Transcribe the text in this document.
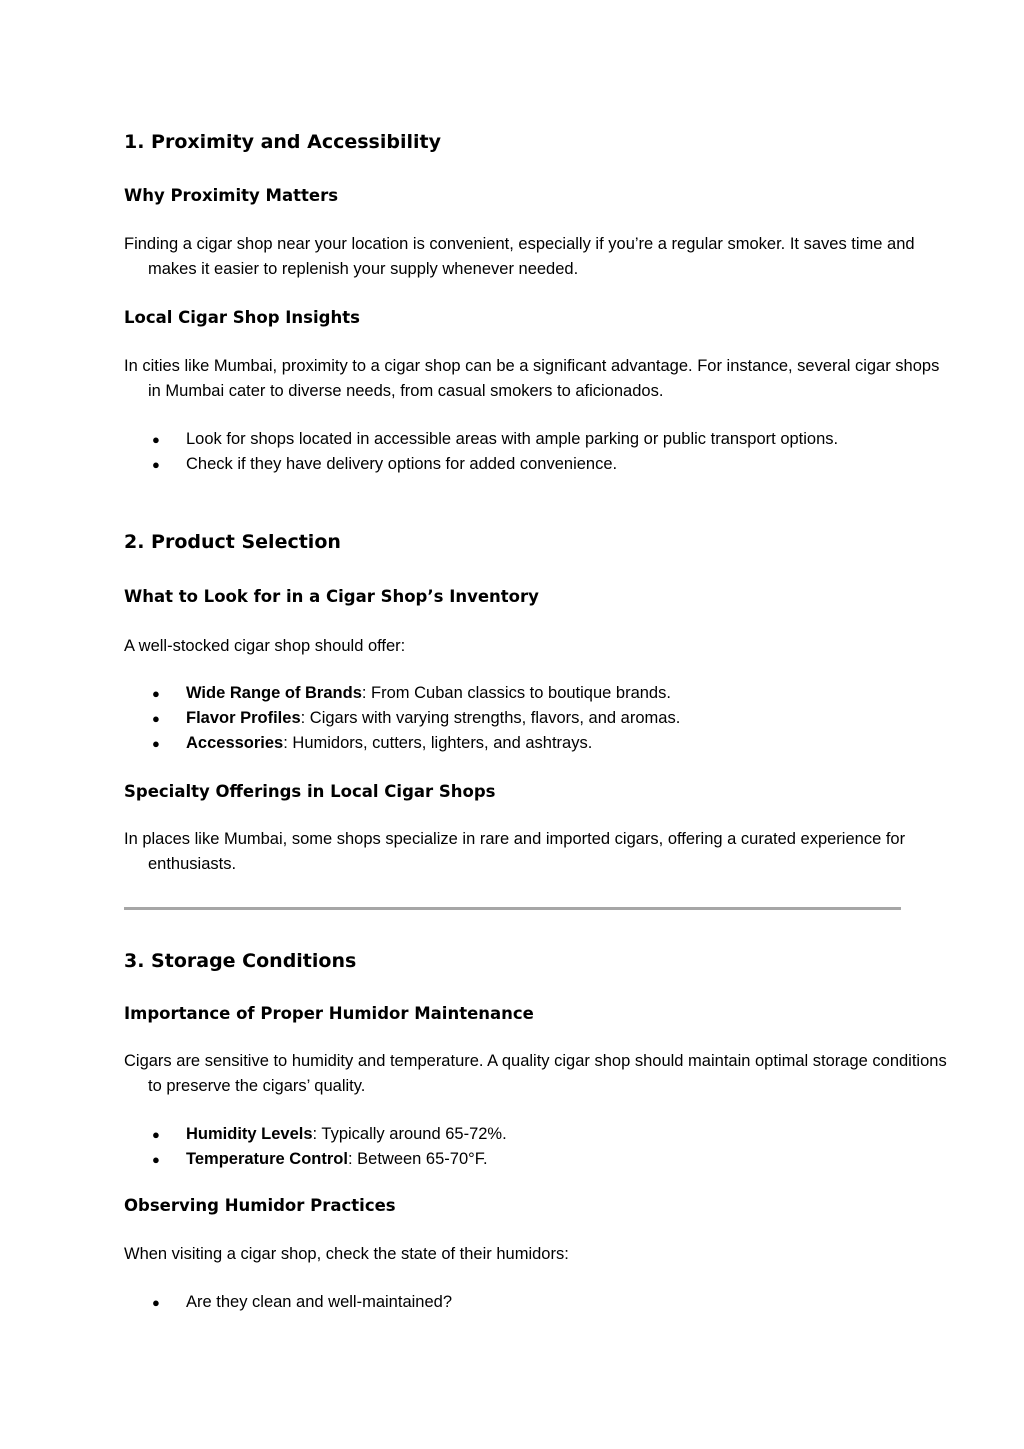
1. Proximity and Accessibility
Why Proximity Matters

Finding a cigar shop near your location is convenient, especially if you’re a regular smoker. It saves time and makes it easier to replenish your supply whenever needed.

Local Cigar Shop Insights

In cities like Mumbai, proximity to a cigar shop can be a significant advantage. For instance, several cigar shops in Mumbai cater to diverse needs, from casual smokers to aficionados.

●	Look for shops located in accessible areas with ample parking or public transport options.
●	Check if they have delivery options for added convenience.
2. Product Selection
What to Look for in a Cigar Shop’s Inventory

A well-stocked cigar shop should offer:

●	Wide Range of Brands: From Cuban classics to boutique brands.
●	Flavor Profiles: Cigars with varying strengths, flavors, and aromas.
●	Accessories: Humidors, cutters, lighters, and ashtrays.
Specialty Offerings in Local Cigar Shops

In places like Mumbai, some shops specialize in rare and imported cigars, offering a curated experience for enthusiasts.

3. Storage Conditions
Importance of Proper Humidor Maintenance

Cigars are sensitive to humidity and temperature. A quality cigar shop should maintain optimal storage conditions to preserve the cigars’ quality.

●	Humidity Levels: Typically around 65-72%.
●	Temperature Control: Between 65-70°F.
Observing Humidor Practices

When visiting a cigar shop, check the state of their humidors:

●	Are they clean and well-maintained?
